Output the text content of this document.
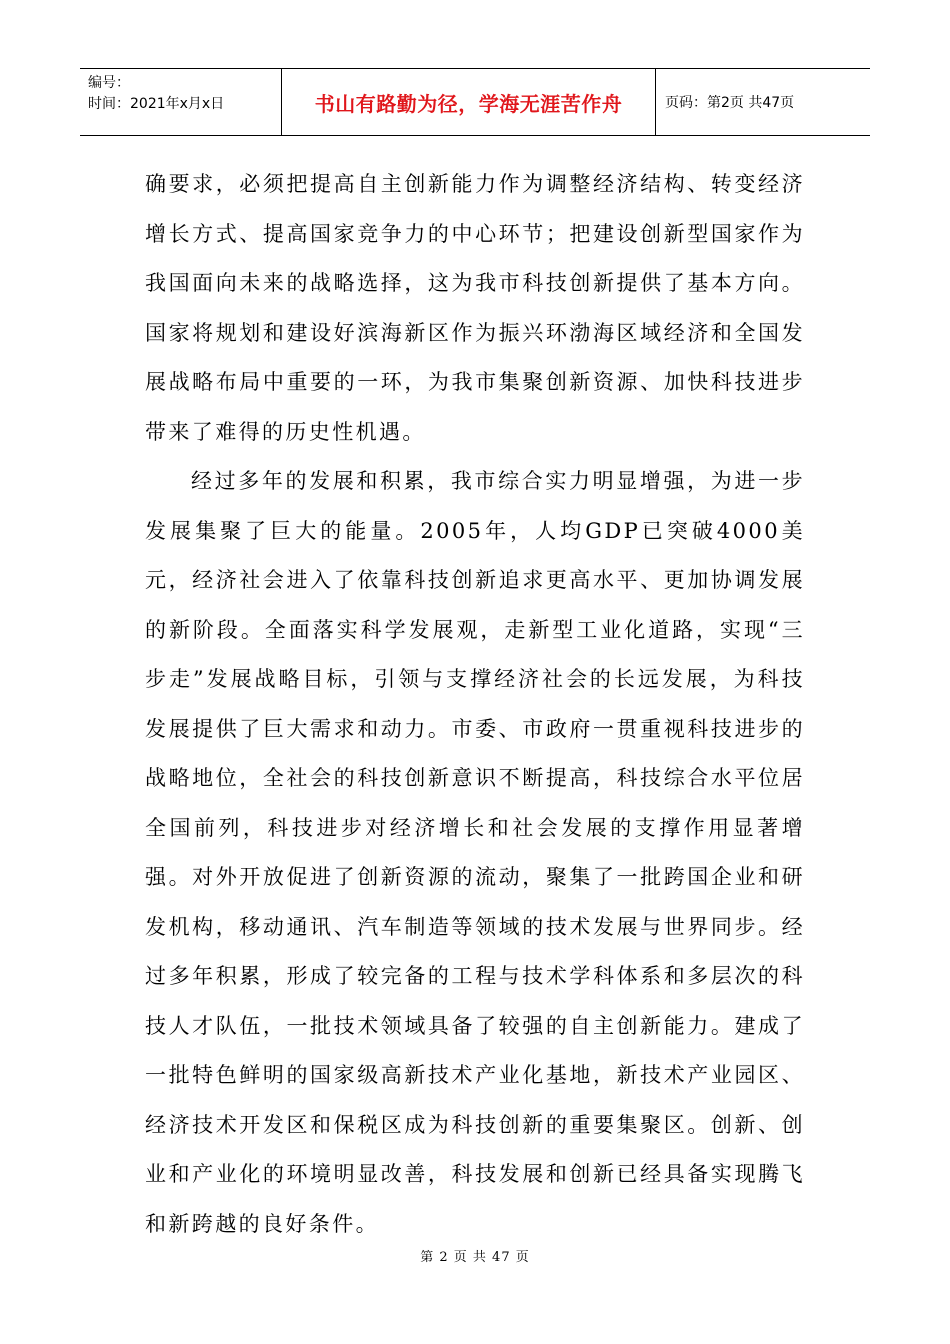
编号：
时间：2021年x月x日	书山有路勤为径，学海无涯苦作舟	页码：第2页 共47页

确要求，必须把提高自主创新能力作为调整经济结构、转变经济增长方式、提高国家竞争力的中心环节；把建设创新型国家作为我国面向未来的战略选择，这为我市科技创新提供了基本方向。国家将规划和建设好滨海新区作为振兴环渤海区域经济和全国发展战略布局中重要的一环，为我市集聚创新资源、加快科技进步带来了难得的历史性机遇。

经过多年的发展和积累，我市综合实力明显增强，为进一步发展集聚了巨大的能量。2005年，人均GDP已突破4000美元，经济社会进入了依靠科技创新追求更高水平、更加协调发展的新阶段。全面落实科学发展观，走新型工业化道路，实现“三步走”发展战略目标，引领与支撑经济社会的长远发展，为科技发展提供了巨大需求和动力。市委、市政府一贯重视科技进步的战略地位，全社会的科技创新意识不断提高，科技综合水平位居全国前列，科技进步对经济增长和社会发展的支撑作用显著增强。对外开放促进了创新资源的流动，聚集了一批跨国企业和研发机构，移动通讯、汽车制造等领域的技术发展与世界同步。经过多年积累，形成了较完备的工程与技术学科体系和多层次的科技人才队伍，一批技术领域具备了较强的自主创新能力。建成了一批特色鲜明的国家级高新技术产业化基地，新技术产业园区、经济技术开发区和保税区成为科技创新的重要集聚区。创新、创业和产业化的环境明显改善，科技发展和创新已经具备实现腾飞和新跨越的良好条件。

第 2 页 共 47 页
